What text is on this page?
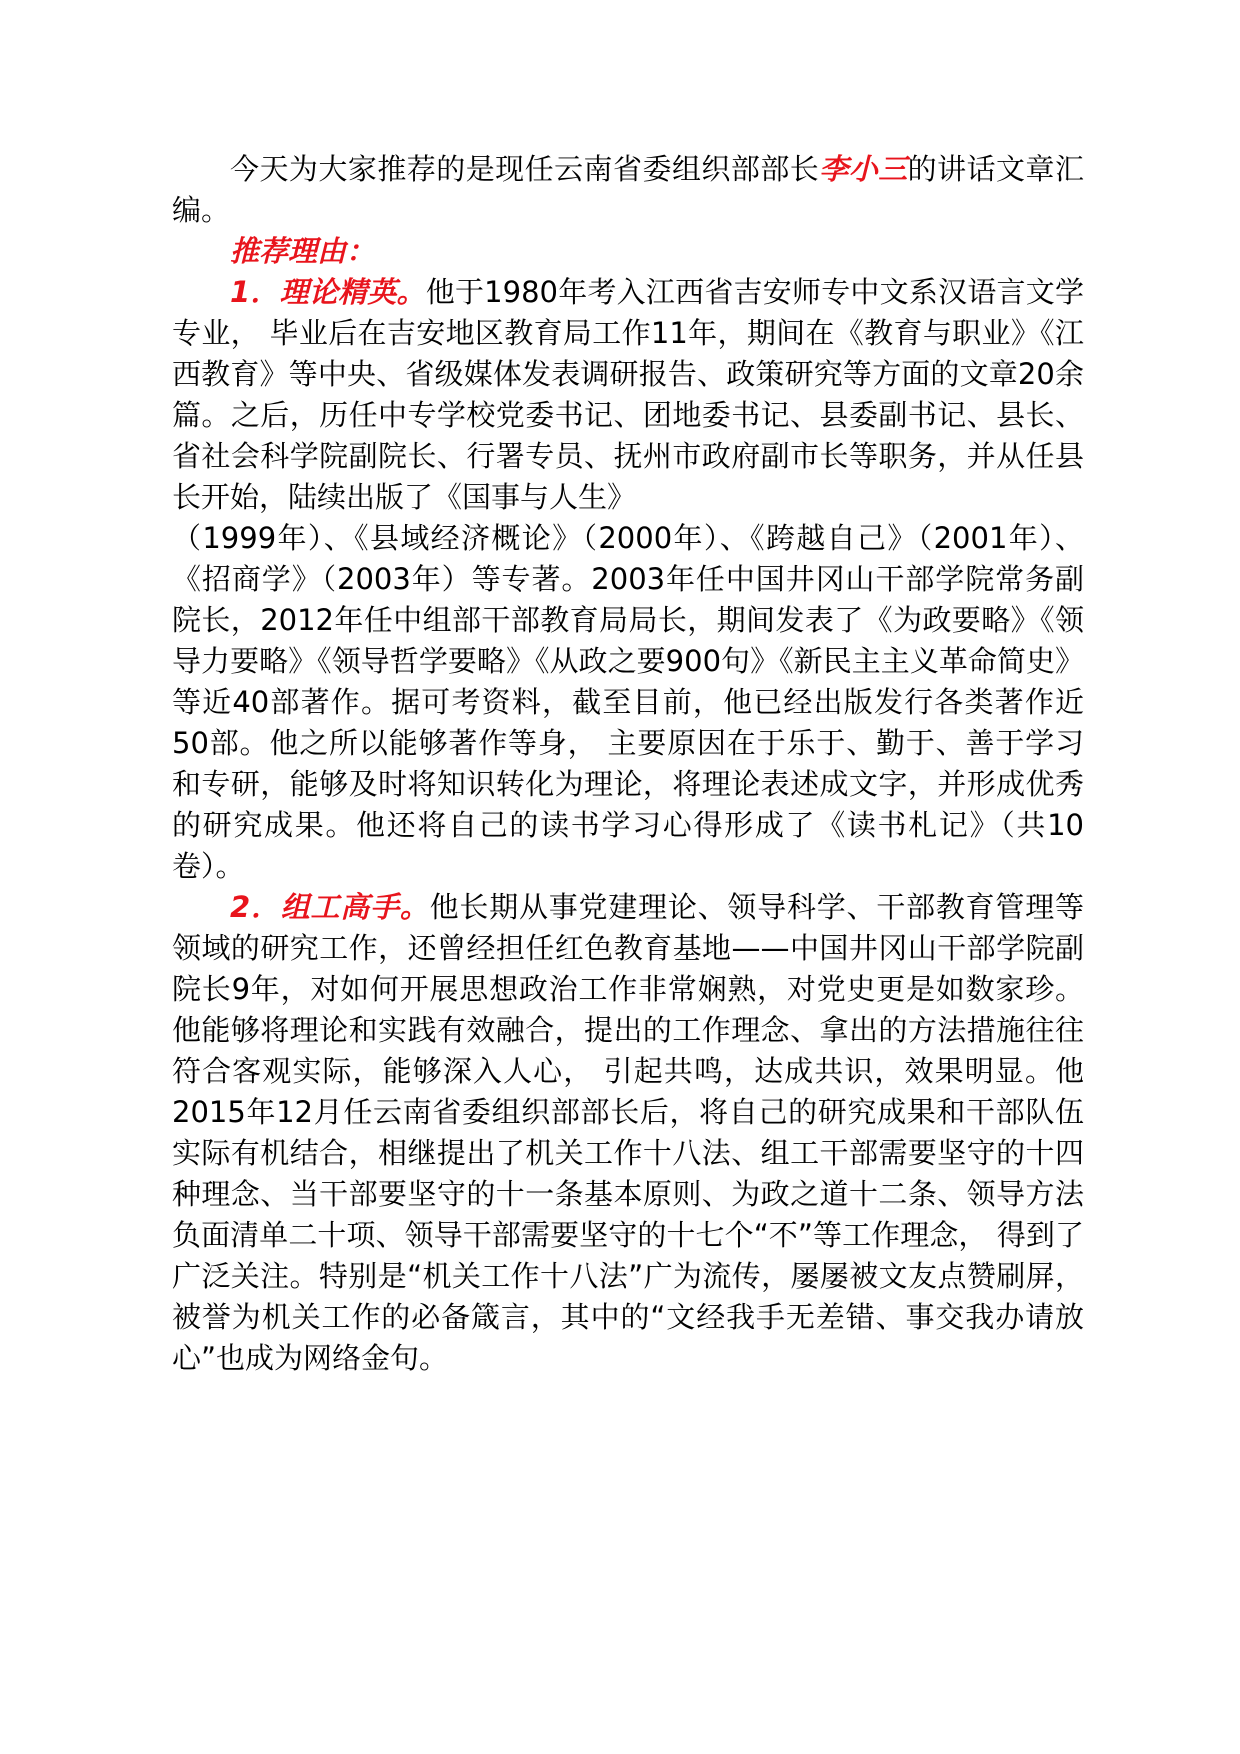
今天为大家推荐的是现任云南省委组织部部长李小三的讲话文章汇编。

推荐理由：

1．理论精英。他于1980年考入江西省吉安师专中文系汉语言文学专业， 毕业后在吉安地区教育局工作11年，期间在《教育与职业》《江西教育》等中央、省级媒体发表调研报告、政策研究等方面的文章20余篇。之后，历任中专学校党委书记、团地委书记、县委副书记、县长、省社会科学院副院长、行署专员、抚州市政府副市长等职务，并从任县长开始，陆续出版了《国事与人生》

（1999年）、《县域经济概论》（2000年）、《跨越自己》（2001年）、《招商学》（2003年）等专著。2003年任中国井冈山干部学院常务副院长，2012年任中组部干部教育局局长，期间发表了《为政要略》《领导力要略》《领导哲学要略》《从政之要900句》《新民主主义革命简史》等近40部著作。据可考资料，截至目前，他已经出版发行各类著作近50部。他之所以能够著作等身， 主要原因在于乐于、勤于、善于学习和专研，能够及时将知识转化为理论，将理论表述成文字，并形成优秀的研究成果。他还将自己的读书学习心得形成了《读书札记》（共10卷）。

2．组工高手。他长期从事党建理论、领导科学、干部教育管理等领域的研究工作，还曾经担任红色教育基地——中国井冈山干部学院副院长9年，对如何开展思想政治工作非常娴熟，对党史更是如数家珍。他能够将理论和实践有效融合，提出的工作理念、拿出的方法措施往往符合客观实际，能够深入人心， 引起共鸣，达成共识，效果明显。他2015年12月任云南省委组织部部长后，将自己的研究成果和干部队伍实际有机结合，相继提出了机关工作十八法、组工干部需要坚守的十四种理念、当干部要坚守的十一条基本原则、为政之道十二条、领导方法负面清单二十项、领导干部需要坚守的十七个“不”等工作理念， 得到了广泛关注。特别是“机关工作十八法”广为流传，屡屡被文友点赞刷屏， 被誉为机关工作的必备箴言，其中的“文经我手无差错、事交我办请放心”也成为网络金句。
